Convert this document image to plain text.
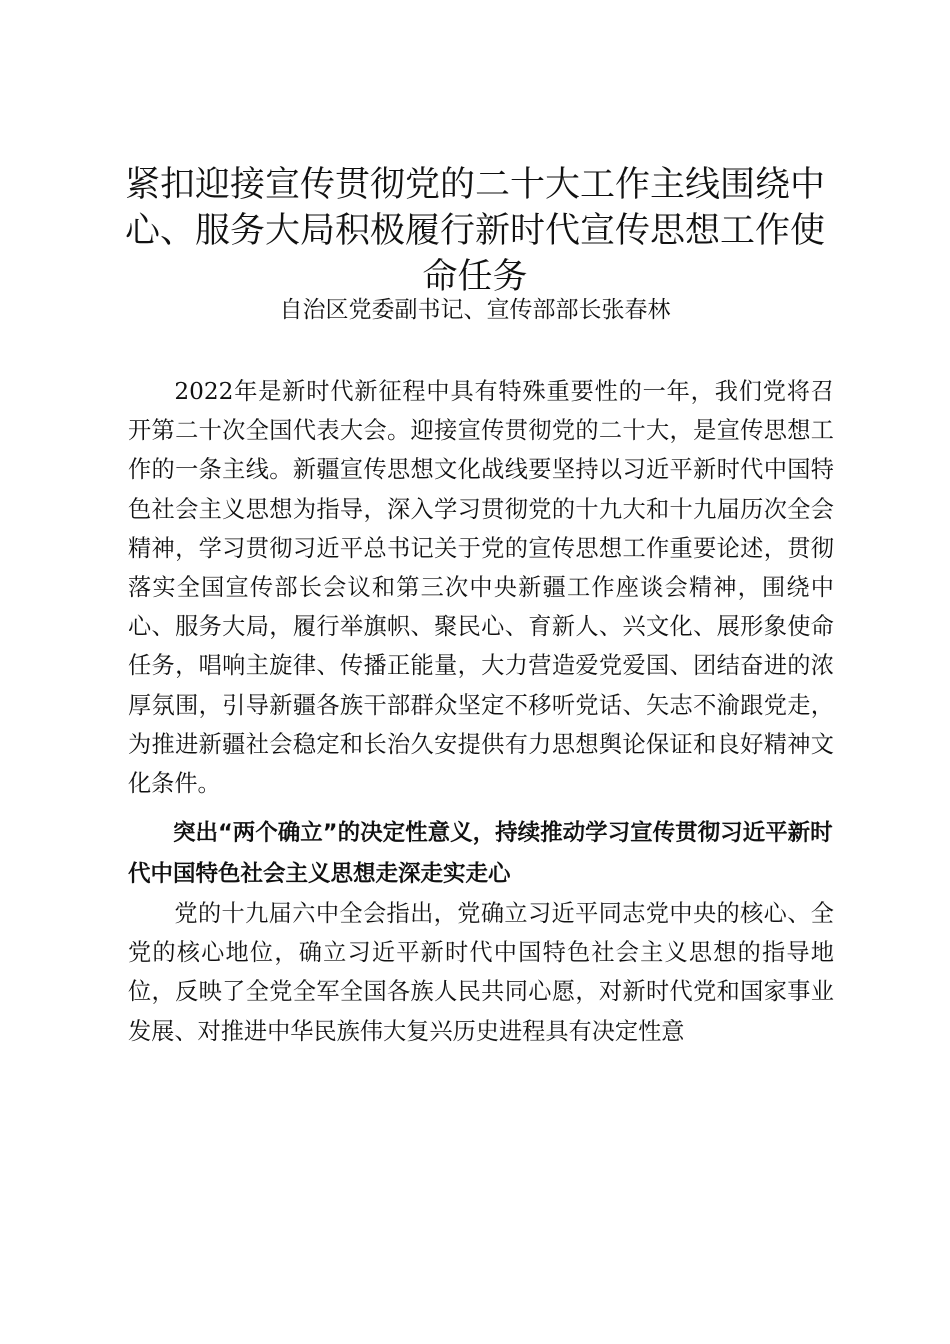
紧扣迎接宣传贯彻党的二十大工作主线围绕中心、服务大局积极履行新时代宣传思想工作使命任务

自治区党委副书记、宣传部部长张春林

2022年是新时代新征程中具有特殊重要性的一年，我们党将召开第二十次全国代表大会。迎接宣传贯彻党的二十大，是宣传思想工作的一条主线。新疆宣传思想文化战线要坚持以习近平新时代中国特色社会主义思想为指导，深入学习贯彻党的十九大和十九届历次全会精神，学习贯彻习近平总书记关于党的宣传思想工作重要论述，贯彻落实全国宣传部长会议和第三次中央新疆工作座谈会精神，围绕中心、服务大局，履行举旗帜、聚民心、育新人、兴文化、展形象使命任务，唱响主旋律、传播正能量，大力营造爱党爱国、团结奋进的浓厚氛围，引导新疆各族干部群众坚定不移听党话、矢志不渝跟党走，为推进新疆社会稳定和长治久安提供有力思想舆论保证和良好精神文化条件。

突出“两个确立”的决定性意义，持续推动学习宣传贯彻习近平新时代中国特色社会主义思想走深走实走心

党的十九届六中全会指出，党确立习近平同志党中央的核心、全党的核心地位，确立习近平新时代中国特色社会主义思想的指导地位，反映了全党全军全国各族人民共同心愿，对新时代党和国家事业发展、对推进中华民族伟大复兴历史进程具有决定性意
